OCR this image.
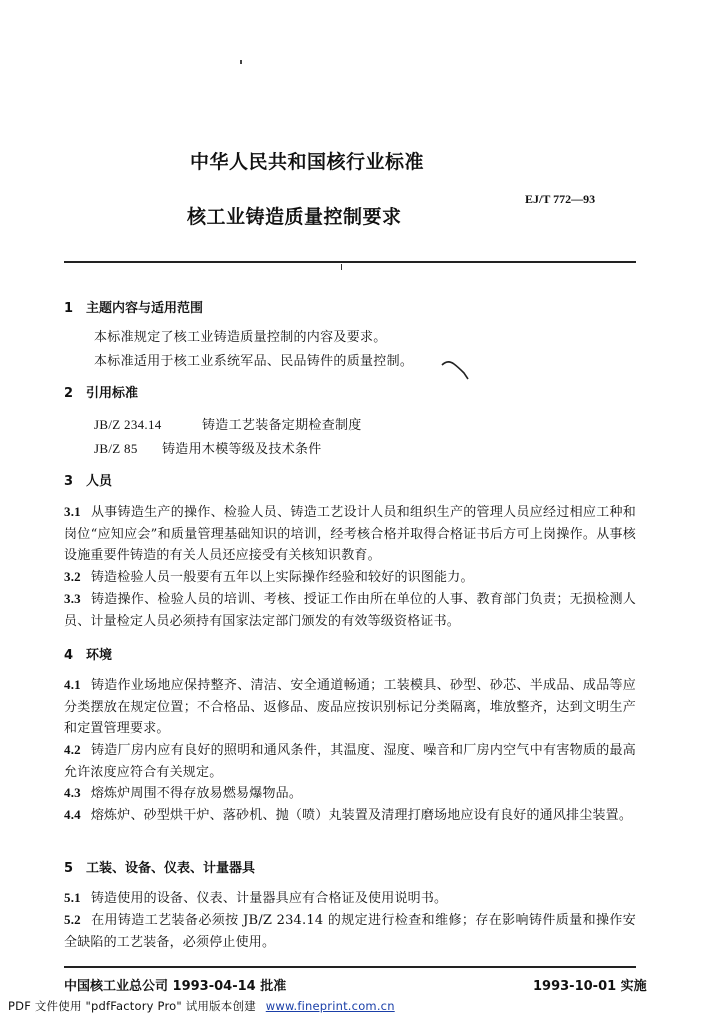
中华人民共和国核行业标准
核工业铸造质量控制要求
EJ/T 772—93
1 主题内容与适用范围
本标准规定了核工业铸造质量控制的内容及要求。
本标准适用于核工业系统军品、民品铸件的质量控制。
2 引用标准
JB/Z 234.14	铸造工艺装备定期检查制度
JB/Z 85 铸造用木模等级及技术条件
3 人员
3.1 从事铸造生产的操作、检验人员、铸造工艺设计人员和组织生产的管理人员应经过相应工种和岗位“应知应会”和质量管理基础知识的培训，经考核合格并取得合格证书后方可上岗操作。从事核设施重要件铸造的有关人员还应接受有关核知识教育。
3.2 铸造检验人员一般要有五年以上实际操作经验和较好的识图能力。
3.3 铸造操作、检验人员的培训、考核、授证工作由所在单位的人事、教育部门负责；无损检测人员、计量检定人员必须持有国家法定部门颁发的有效等级资格证书。
4 环境
4.1 铸造作业场地应保持整齐、清洁、安全通道畅通；工装模具、砂型、砂芯、半成品、成品等应分类摆放在规定位置；不合格品、返修品、废品应按识别标记分类隔离，堆放整齐，达到文明生产和定置管理要求。
4.2 铸造厂房内应有良好的照明和通风条件，其温度、湿度、噪音和厂房内空气中有害物质的最高允许浓度应符合有关规定。
4.3 熔炼炉周围不得存放易燃易爆物品。
4.4 熔炼炉、砂型烘干炉、落砂机、抛（喷）丸装置及清理打磨场地应设有良好的通风排尘装置。
5 工装、设备、仪表、计量器具
5.1 铸造使用的设备、仪表、计量器具应有合格证及使用说明书。
5.2 在用铸造工艺装备必须按 JB/Z 234.14 的规定进行检查和维修；存在影响铸件质量和操作安全缺陷的工艺装备，必须停止使用。
中国核工业总公司 1993-04-14 批准	1993-10-01 实施
PDF 文件使用 "pdfFactory Pro" 试用版本创建 www.fineprint.com.cn
